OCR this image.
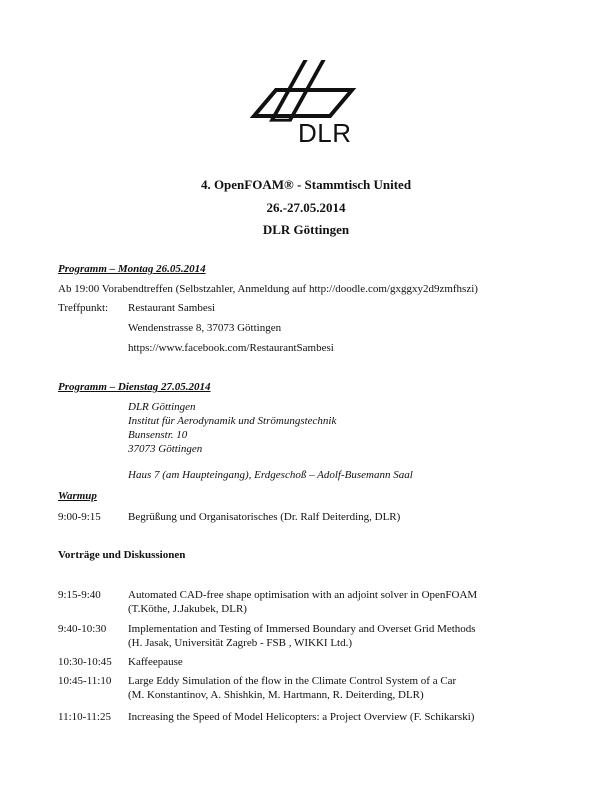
DLR
4. OpenFOAM® - Stammtisch United
26.-27.05.2014
DLR Göttingen
Programm – Montag 26.05.2014
Ab 19:00 Vorabendtreffen (Selbstzahler, Anmeldung auf http://doodle.com/gxggxy2d9zmfhszi)
Treffpunkt: Restaurant Sambesi
Wendenstrasse 8, 37073 Göttingen
https://www.facebook.com/RestaurantSambesi
Programm – Dienstag 27.05.2014
DLR Göttingen
Institut für Aerodynamik und Strömungstechnik
Bunsenstr. 10
37073 Göttingen
Haus 7 (am Haupteingang), Erdgeschoß – Adolf-Busemann Saal
Warmup
9:00-9:15 Begrüßung und Organisatorisches (Dr. Ralf Deiterding, DLR)
Vorträge und Diskussionen
9:15-9:40 Automated CAD-free shape optimisation with an adjoint solver in OpenFOAM
(T.Köthe, J.Jakubek, DLR)
9:40-10:30 Implementation and Testing of Immersed Boundary and Overset Grid Methods
(H. Jasak, Universität Zagreb - FSB , WIKKI Ltd.)
10:30-10:45 Kaffeepause
10:45-11:10 Large Eddy Simulation of the flow in the Climate Control System of a Car
(M. Konstantinov, A. Shishkin, M. Hartmann, R. Deiterding, DLR)
11:10-11:25 Increasing the Speed of Model Helicopters: a Project Overview (F. Schikarski)
